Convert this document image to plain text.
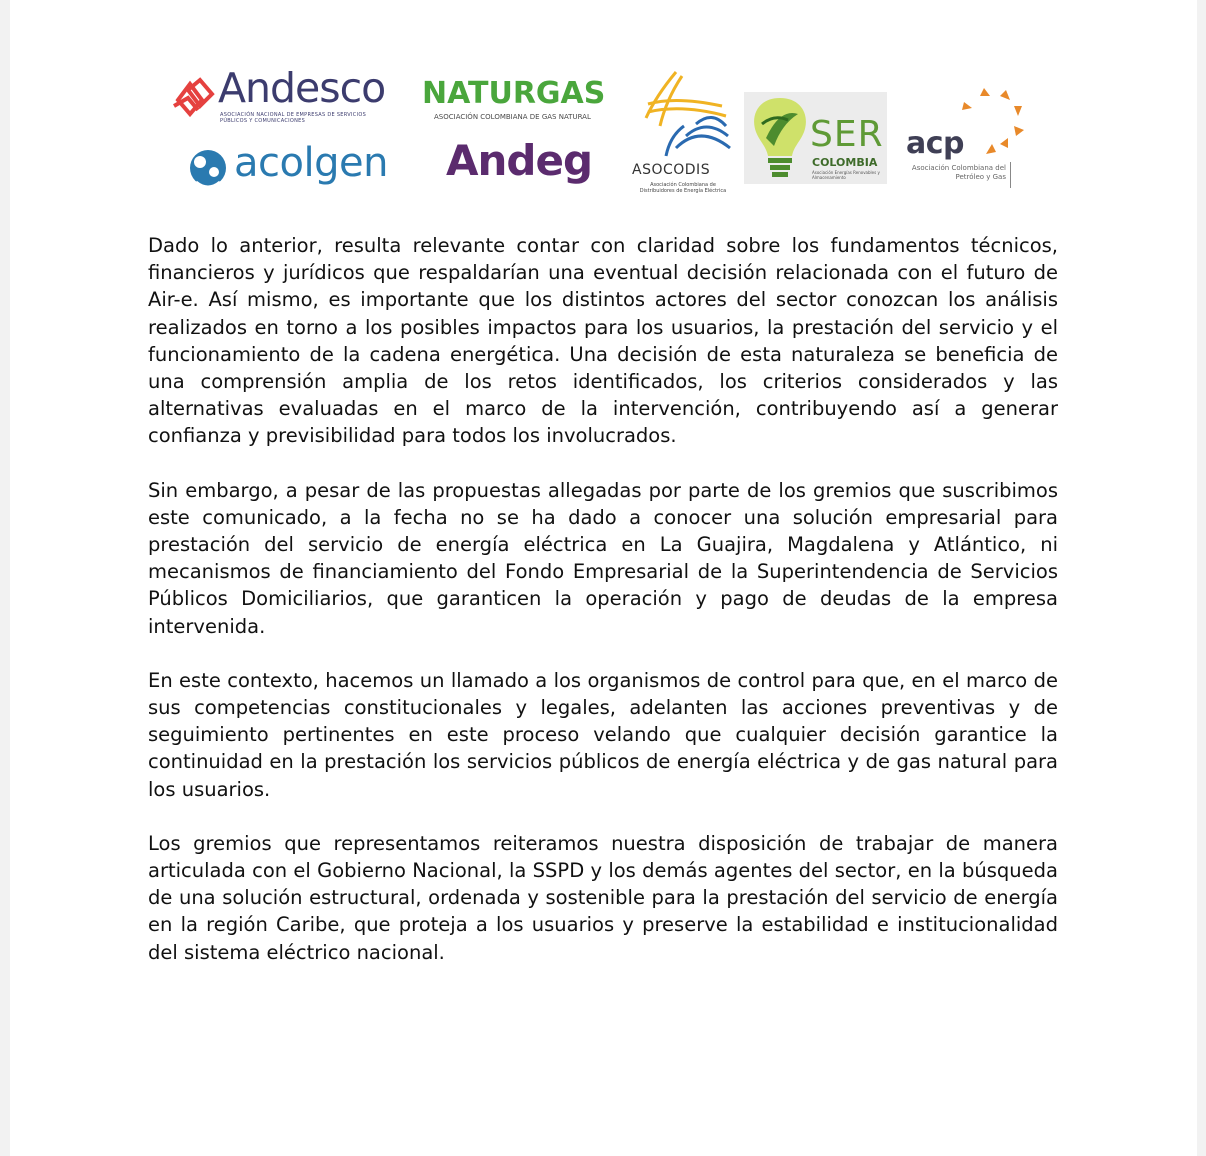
Andesco
ASOCIACIÓN NACIONAL DE EMPRESAS DE SERVICIOS PÚBLICOS Y COMUNICACIONES
acolgen
NATURGAS
ASOCIACIÓN COLOMBIANA DE GAS NATURAL
Andeg	ASOCODIS
Asociación Colombiana de Distribuidores de Energía Eléctrica
SER
COLOMBIA
Asociación Energías Renovables y Almacenamiento
acp
Asociación Colombiana del Petróleo y Gas

Dado lo anterior, resulta relevante contar con claridad sobre los fundamentos técnicos, financieros y jurídicos que respaldarían una eventual decisión relacionada con el futuro de Air-e. Así mismo, es importante que los distintos actores del sector conozcan los análisis realizados en torno a los posibles impactos para los usuarios, la prestación del servicio y el funcionamiento de la cadena energética. Una decisión de esta naturaleza se beneficia de una comprensión amplia de los retos identificados, los criterios considerados y las alternativas evaluadas en el marco de la intervención, contribuyendo así a generar confianza y previsibilidad para todos los involucrados.

Sin embargo, a pesar de las propuestas allegadas por parte de los gremios que suscribimos este comunicado, a la fecha no se ha dado a conocer una solución empresarial para prestación del servicio de energía eléctrica en La Guajira, Magdalena y Atlántico, ni mecanismos de financiamiento del Fondo Empresarial de la Superintendencia de Servicios Públicos Domiciliarios, que garanticen la operación y pago de deudas de la empresa intervenida.

En este contexto, hacemos un llamado a los organismos de control para que, en el marco de sus competencias constitucionales y legales, adelanten las acciones preventivas y de seguimiento pertinentes en este proceso velando que cualquier decisión garantice la continuidad en la prestación los servicios públicos de energía eléctrica y de gas natural para los usuarios.

Los gremios que representamos reiteramos nuestra disposición de trabajar de manera articulada con el Gobierno Nacional, la SSPD y los demás agentes del sector, en la búsqueda de una solución estructural, ordenada y sostenible para la prestación del servicio de energía en la región Caribe, que proteja a los usuarios y preserve la estabilidad e institucionalidad del sistema eléctrico nacional.
